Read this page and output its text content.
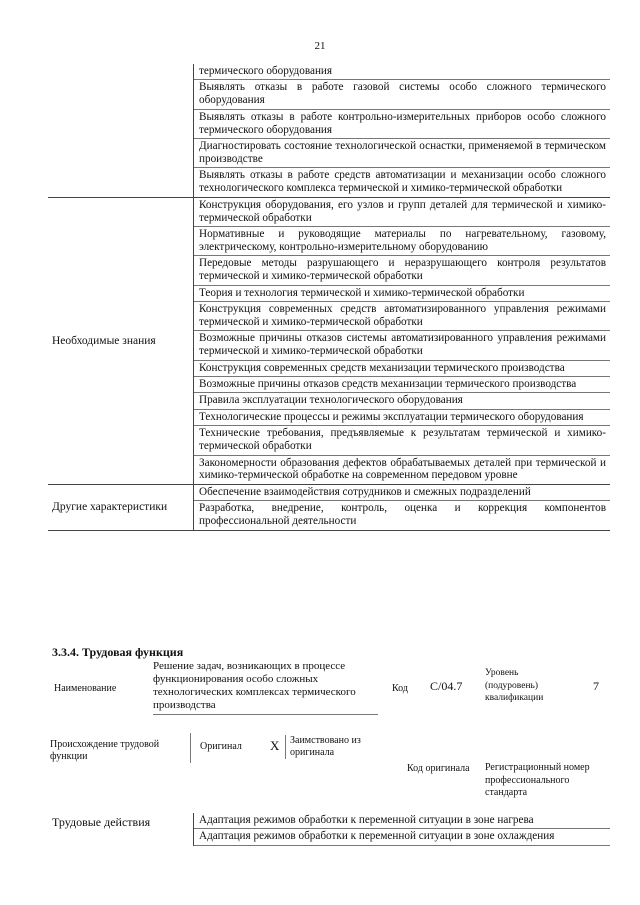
21
термического оборудования
Выявлять отказы в работе газовой системы особо сложного термического оборудования
Выявлять отказы в работе контрольно-измерительных приборов особо сложного термического оборудования
Диагностировать состояние технологической оснастки, применяемой в термическом производстве
Выявлять отказы в работе средств автоматизации и механизации особо сложного технологического комплекса термической и химико-термической обработки
Необходимые знания
Конструкция оборудования, его узлов и групп деталей для термической и химико-термической обработки
Нормативные и руководящие материалы по нагревательному, газовому, электрическому, контрольно-измерительному оборудованию
Передовые методы разрушающего и неразрушающего контроля результатов термической и химико-термической обработки
Теория и технология термической и химико-термической обработки
Конструкция современных средств автоматизированного управления режимами термической и химико-термической обработки
Возможные причины отказов системы автоматизированного управления режимами термической и химико-термической обработки
Конструкция современных средств механизации термического производства
Возможные причины отказов средств механизации термического производства
Правила эксплуатации технологического оборудования
Технологические процессы и режимы эксплуатации термического оборудования
Технические требования, предъявляемые к результатам термической и химико-термической обработки
Закономерности образования дефектов обрабатываемых деталей при термической и химико-термической обработке на современном передовом уровне
Другие характеристики
Обеспечение взаимодействия сотрудников и смежных подразделений
Разработка, внедрение, контроль, оценка и коррекция компонентов профессиональной деятельности
3.3.4. Трудовая функция
Наименование
Решение задач, возникающих в процессе функционирования особо сложных технологических комплексах термического производства
Код C/04.7
Уровень (подуровень) квалификации
7
Происхождение трудовой функции
Оригинал X	Заимствовано из оригинала
Код оригинала Регистрационный номер профессионального стандарта
Трудовые действия	Адаптация режимов обработки к переменной ситуации в зоне нагрева
Адаптация режимов обработки к переменной ситуации в зоне охлаждения
